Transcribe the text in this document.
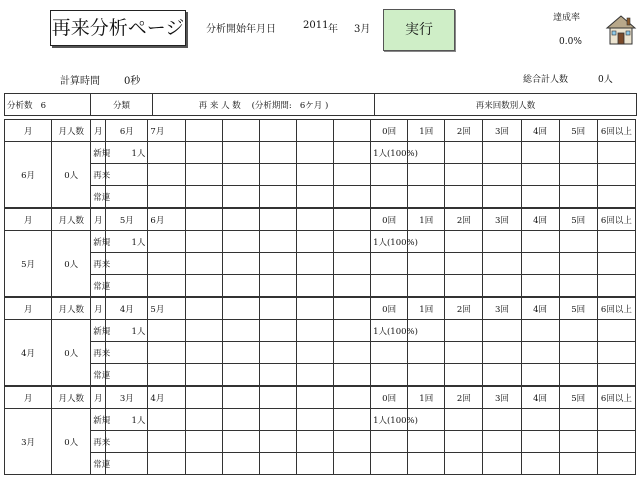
再来分析ページ 分析開始年月日	2011 年 3月	実行
達成率
0.0%
計算時間 0秒	総合計人数	0人
分析数 6	分類	再 来 人 数 (分析期間: 6ケ月 )	再来回数別人数
月	月人数	月	6月	7月						0回	1回	2回	3回	4回	5回	6回以上
6月	0人	新規	1人							1人(100%)						
		再来														
		常連														
月	月人数	月	5月	6月						0回	1回	2回	3回	4回	5回	6回以上
5月	0人	新規	1人							1人(100%)						
		再来														
		常連														
月	月人数	月	4月	5月						0回	1回	2回	3回	4回	5回	6回以上
4月	0人	新規	1人							1人(100%)						
		再来														
		常連														
月	月人数	月	3月	4月						0回	1回	2回	3回	4回	5回	6回以上
3月	0人	新規	1人							1人(100%)						
		再来														
		常連														
